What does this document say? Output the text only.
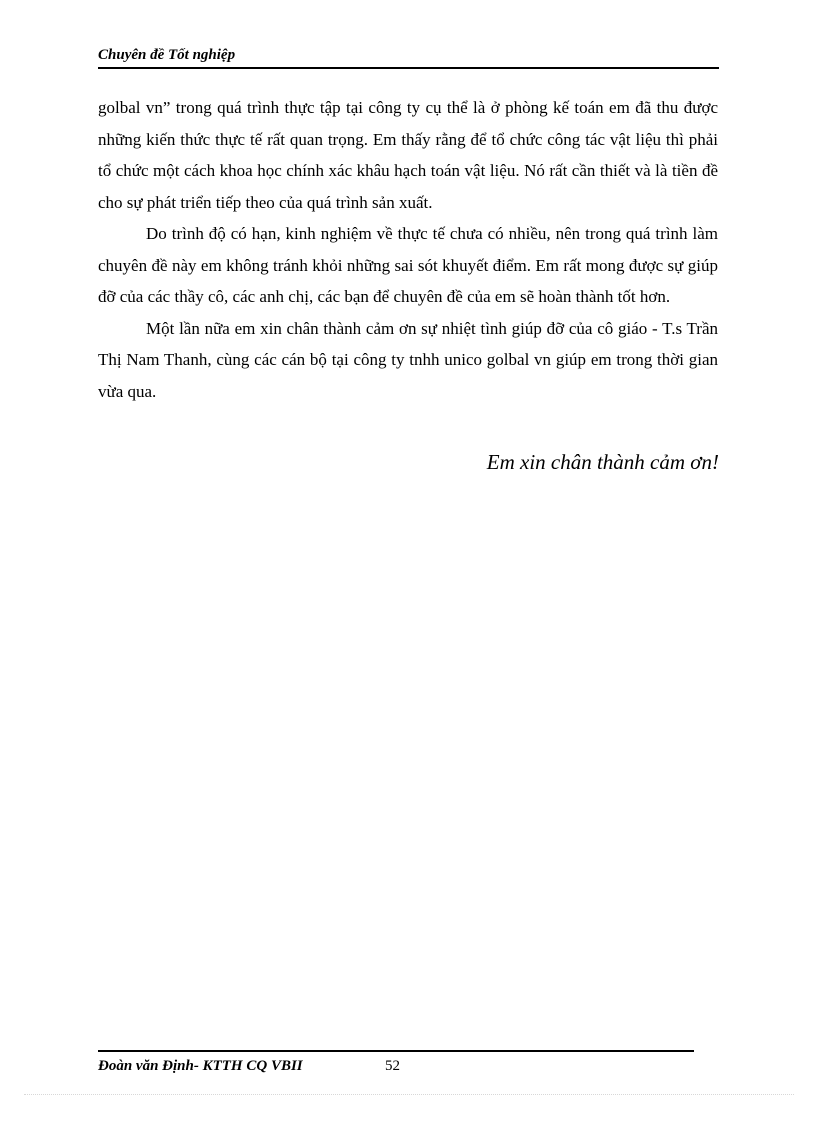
Chuyên đề Tốt nghiệp

golbal vn” trong quá trình thực tập tại công ty cụ thể là ở phòng kế toán em đã thu được những kiến thức thực tế rất quan trọng. Em thấy rằng để tổ chức công tác vật liệu thì phải tổ chức một cách khoa học chính xác khâu hạch toán vật liệu. Nó rất cần thiết và là tiền đề cho sự phát triển tiếp theo của quá trình sản xuất.

Do trình độ có hạn, kinh nghiệm về thực tế chưa có nhiều, nên trong quá trình làm chuyên đề này em không tránh khỏi những sai sót khuyết điểm. Em rất mong được sự giúp đỡ của các thầy cô, các anh chị, các bạn để chuyên đề của em sẽ hoàn thành tốt hơn.

Một lần nữa em xin chân thành cảm ơn sự nhiệt tình giúp đỡ của cô giáo - T.s Trần Thị Nam Thanh, cùng các cán bộ tại công ty tnhh unico golbal vn giúp em trong thời gian vừa qua.

Em xin chân thành cảm ơn!

Đoàn văn Định- KTTH CQ VBII	52
